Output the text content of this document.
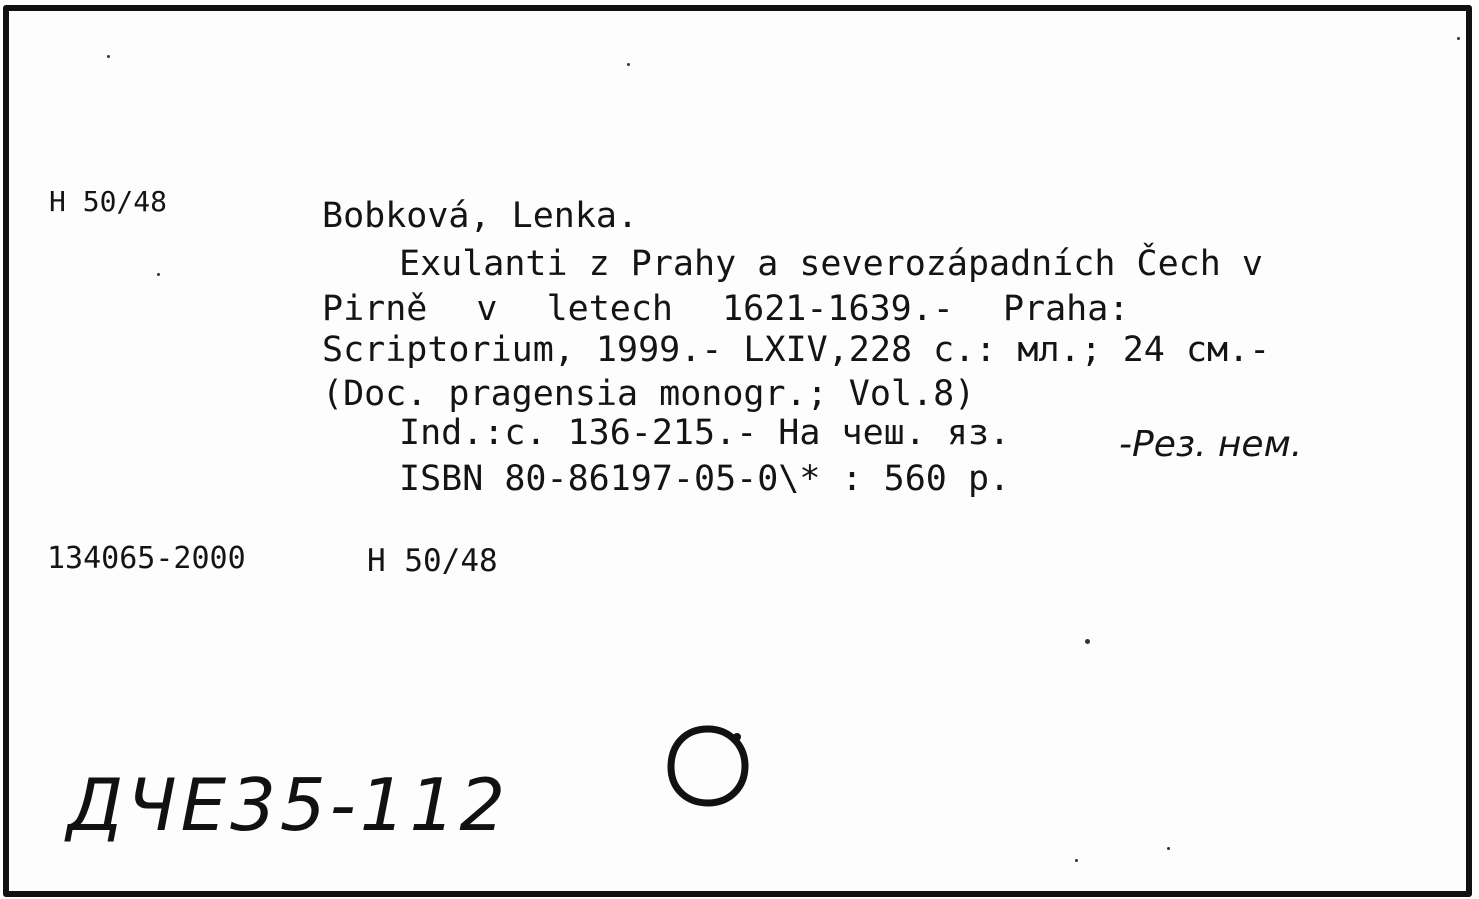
H 50/48	Bobková, Lenka.
Exulanti z Prahy a severozápadních Čech v
Pirně v letech 1621-1639.- Praha:
Scriptorium, 1999.- LXIV,228 c.: мл.; 24 см.-
(Doc. pragensia monogr.; Vol.8)
Ind.:c. 136-215.- На чеш. яз.
ISBN 80-86197-05-0\* : 560 p.
134065-2000	H 50/48
-Рез. нем.
ДЧЕ35-112
